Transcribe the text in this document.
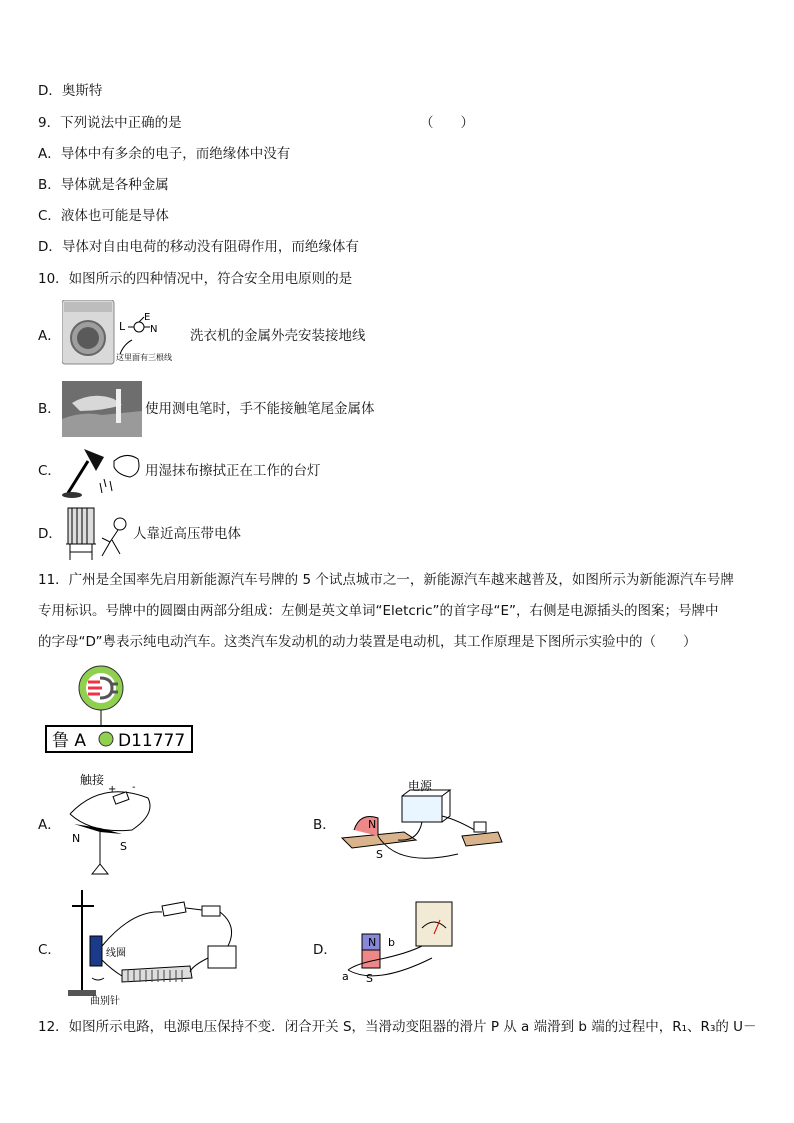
D．奥斯特
9．下列说法中正确的是	（　　）
A．导体中有多余的电子，而绝缘体中没有
B．导体就是各种金属
C．液体也可能是导体
D．导体对自由电荷的移动没有阻碍作用，而绝缘体有
10．如图所示的四种情况中，符合安全用电原则的是
A．
L
E
N
这里面有三根线
洗衣机的金属外壳安装接地线
B．	使用测电笔时，手不能接触笔尾金属体
C．	用湿抹布擦拭正在工作的台灯
D．	人靠近高压带电体
11．广州是全国率先启用新能源汽车号牌的 5 个试点城市之一，新能源汽车越来越普及，如图所示为新能源汽车号牌
专用标识。号牌中的圆圈由两部分组成：左侧是英文单词“Eletcric”的首字母“E”，右侧是电源插头的图案；号牌中
的字母“D”粤表示纯电动汽车。这类汽车发动机的动力装置是电动机，其工作原理是下图所示实验中的（　　）
鲁 A D11777
A．
触接
+ -
N
S
B．
电源
N
S
C．	线圈
曲别针
D．	N
S
a
b
12．如图所示电路，电源电压保持不变．闭合开关 S，当滑动变阻器的滑片 P 从 a 端滑到 b 端的过程中，R₁、R₃的 U－
